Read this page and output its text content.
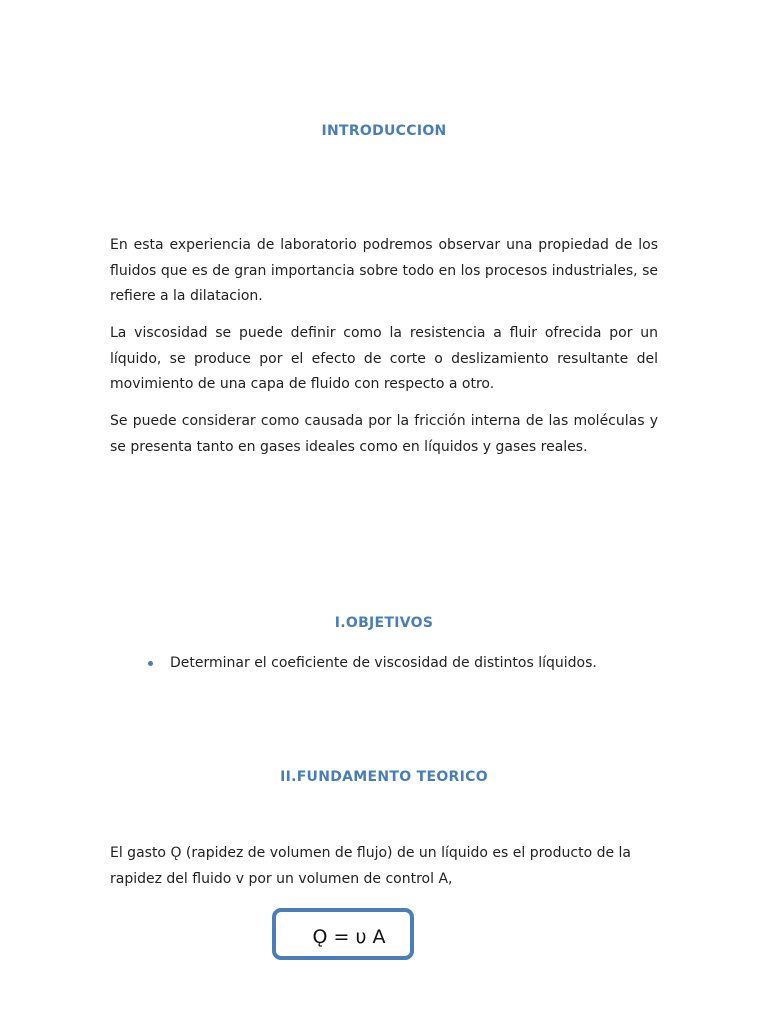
INTRODUCCION

En esta experiencia de laboratorio podremos observar una propiedad de los fluidos que es de gran importancia sobre todo en los procesos industriales, se refiere a la dilatacion.

La viscosidad se puede definir como la resistencia a fluir ofrecida por un líquido, se produce por el efecto de corte o deslizamiento resultante del movimiento de una capa de fluido con respecto a otro.

Se puede considerar como causada por la fricción interna de las moléculas y se presenta tanto en gases ideales como en líquidos y gases reales.

I.OBJETIVOS
Determinar el coeficiente de viscosidad de distintos líquidos.
II.FUNDAMENTO TEORICO

El gasto Ǫ (rapidez de volumen de flujo) de un líquido es el producto de la rapidez del fluido v por un volumen de control A,

Ǫ = υ A
